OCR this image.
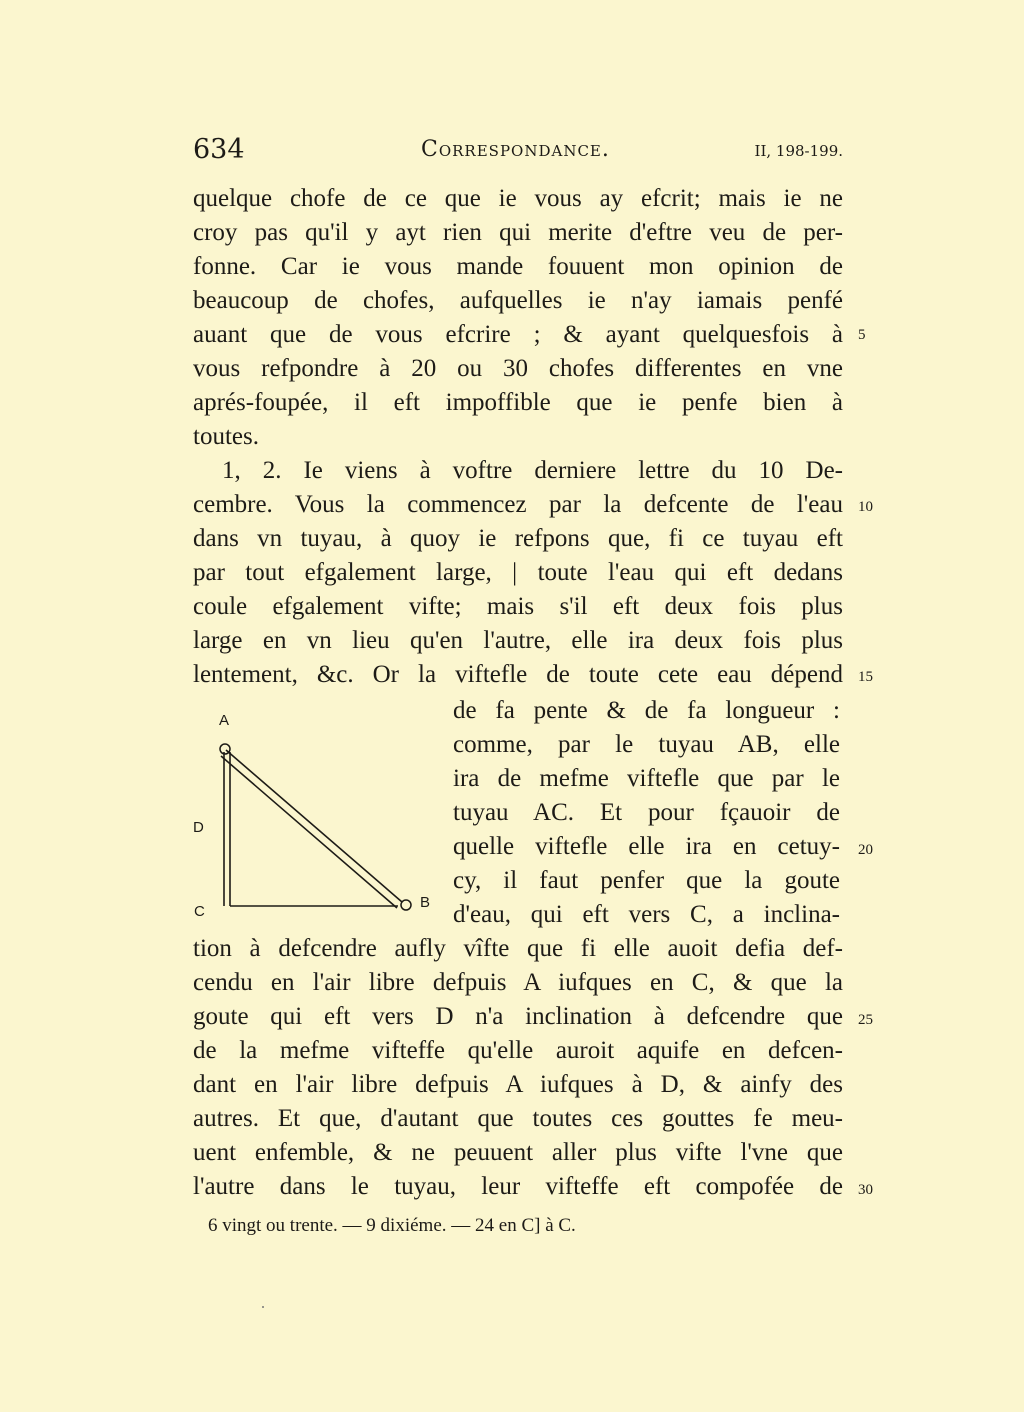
634	Correspondance.	II, 198-199.
quelque chofe de ce que ie vous ay efcrit; mais ie ne
croy pas qu'il y ayt rien qui merite d'eftre veu de per-
fonne. Car ie vous mande fouuent mon opinion de
beaucoup de chofes, aufquelles ie n'ay iamais penfé
auant que de vous efcrire ; & ayant quelquesfois à
vous refpondre à 20 ou 30 chofes differentes en vne
aprés-foupée, il eft impoffible que ie penfe bien à
toutes.
1, 2. Ie viens à voftre derniere lettre du 10 De-
cembre. Vous la commencez par la defcente de l'eau
dans vn tuyau, à quoy ie refpons que, fi ce tuyau eft
par tout efgalement large, | toute l'eau qui eft dedans
coule efgalement vifte; mais s'il eft deux fois plus
large en vn lieu qu'en l'autre, elle ira deux fois plus
lentement, &c. Or la viftefle de toute cete eau dépend
de fa pente & de fa longueur :
comme, par le tuyau AB, elle
ira de mefme viftefle que par le
tuyau AC. Et pour fçauoir de
quelle viftefle elle ira en cetuy-
cy, il faut penfer que la goute
d'eau, qui eft vers C, a inclina-
tion à defcendre aufly vîfte que fi elle auoit defia def-
cendu en l'air libre defpuis A iufques en C, & que la
goute qui eft vers D n'a inclination à defcendre que
de la mefme vifteffe qu'elle auroit aquife en defcen-
dant en l'air libre defpuis A iufques à D, & ainfy des
autres. Et que, d'autant que toutes ces gouttes fe meu-
uent enfemble, & ne peuuent aller plus vifte l'vne que
l'autre dans le tuyau, leur vifteffe eft compofée de
5
10
15
20
25
30
A
B
C
D
6 vingt ou trente. — 9 dixiéme. — 24 en C] à C.
